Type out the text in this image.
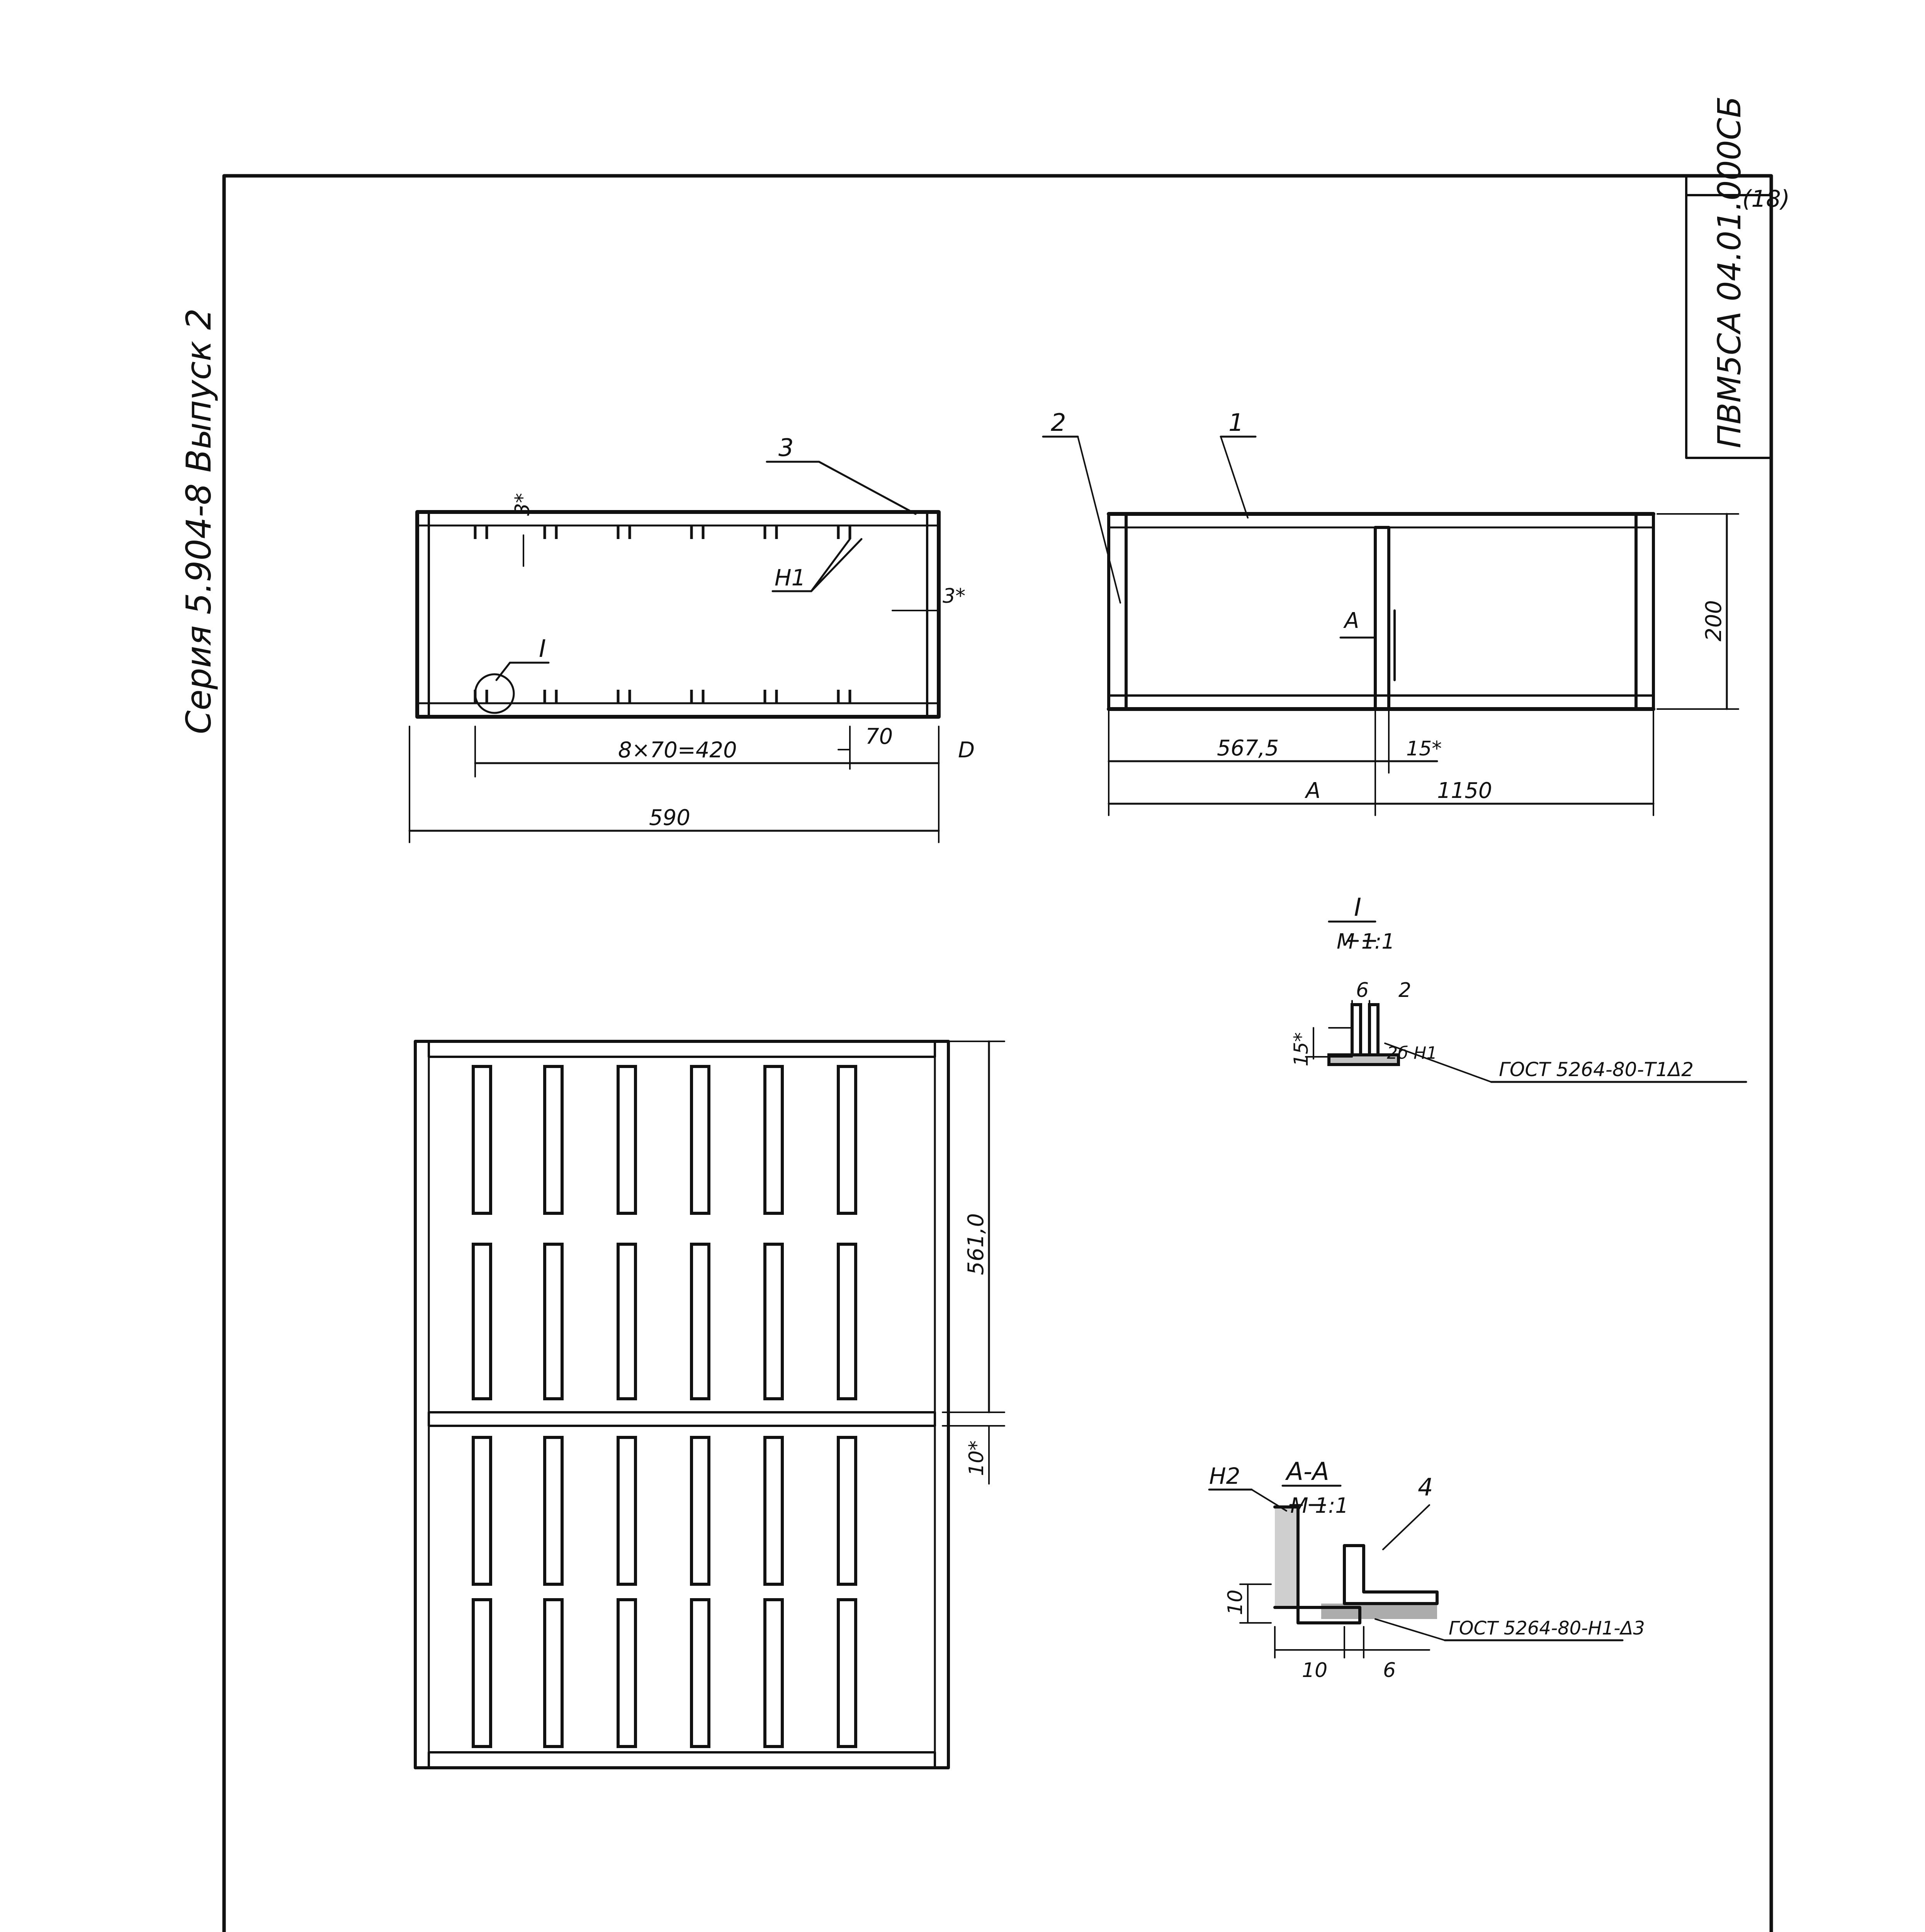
Серия 5.904-8 Выпуск 2
(18)
ПВМ5СА 04.01.000СБ
3
Н1
3*
3*
I
8×70=420
70
D
590
2	1
А	200
567,5	15*
А	1150
I
М 1:1
6 2
15*	2б Н1
ГОСТ 5264-80-Т1Δ2
561,0
10*	А-А
М 1:1
Н2	4
10
10	6
ГОСТ 5264-80-Н1-Δ3
